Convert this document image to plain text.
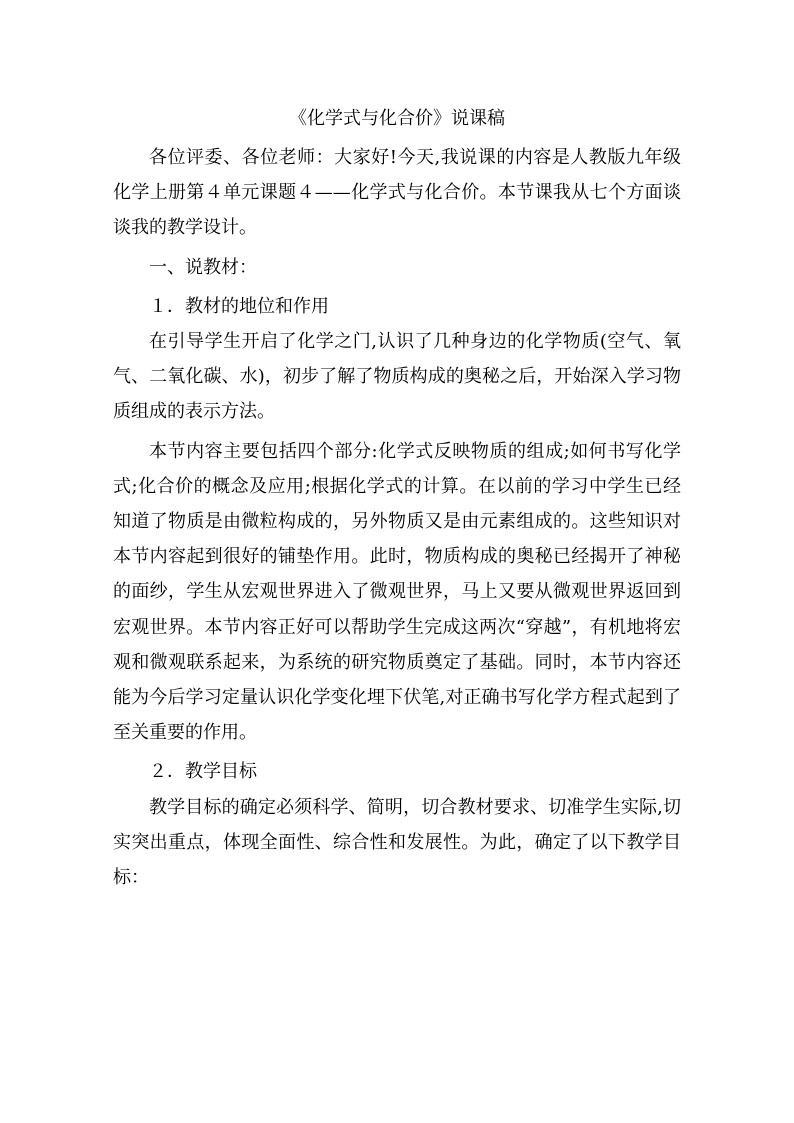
《化学式与化合价》说课稿

各位评委、各位老师：大家好!今天,我说课的内容是人教版九年级化学上册第４单元课题４——化学式与化合价。本节课我从七个方面谈谈我的教学设计。

一、说教材：

１．教材的地位和作用

在引导学生开启了化学之门,认识了几种身边的化学物质(空气、氧气、二氧化碳、水)，初步了解了物质构成的奥秘之后，开始深入学习物质组成的表示方法。

本节内容主要包括四个部分:化学式反映物质的组成;如何书写化学式;化合价的概念及应用;根据化学式的计算。在以前的学习中学生已经知道了物质是由微粒构成的，另外物质又是由元素组成的。这些知识对本节内容起到很好的铺垫作用。此时，物质构成的奥秘已经揭开了神秘的面纱，学生从宏观世界进入了微观世界，马上又要从微观世界返回到宏观世界。本节内容正好可以帮助学生完成这两次“穿越”，有机地将宏观和微观联系起来，为系统的研究物质奠定了基础。同时，本节内容还能为今后学习定量认识化学变化埋下伏笔,对正确书写化学方程式起到了至关重要的作用。

２．教学目标

教学目标的确定必须科学、简明，切合教材要求、切准学生实际,切实突出重点，体现全面性、综合性和发展性。为此，确定了以下教学目标：
